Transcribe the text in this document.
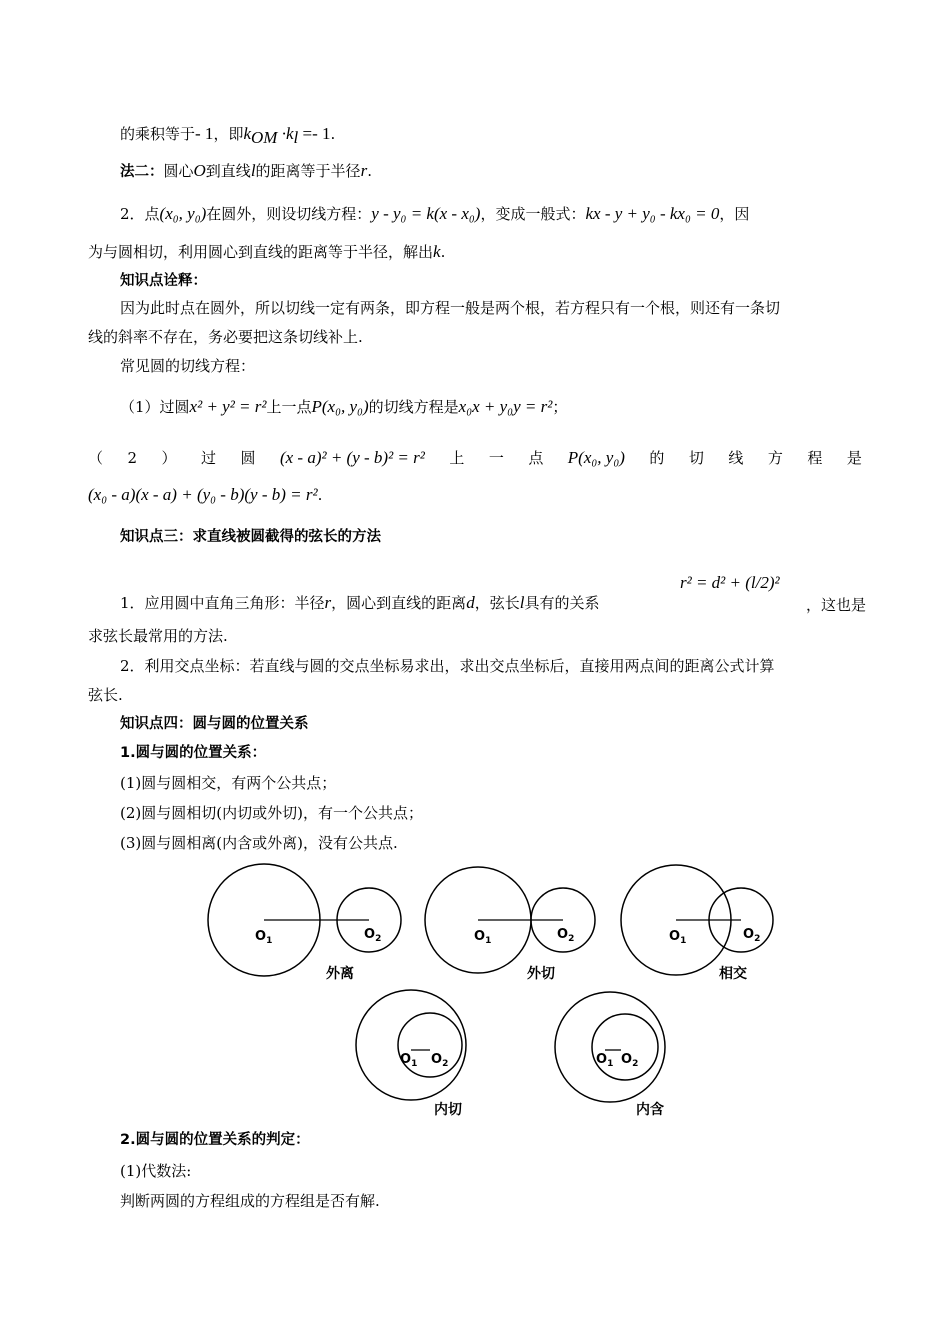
的乘积等于- 1，即$k_{OM} \cdot k_l =- 1$.
法二：圆心O到直线l的距离等于半径r.
2．点(x₀, y₀)在圆外，则设切线方程：y - y₀ = k(x - x₀)，变成一般式：kx - y + y₀ - kx₀ = 0，因
为与圆相切，利用圆心到直线的距离等于半径，解出k.
知识点诠释：
因为此时点在圆外，所以切线一定有两条，即方程一般是两个根，若方程只有一个根，则还有一条切
线的斜率不存在，务必要把这条切线补上.
常见圆的切线方程：
（1）过圆x² + y² = r²上一点P(x₀, y₀)的切线方程是x₀x + y₀y = r²；
（ 2 ） 过 圆 (x - a)² + (y - b)² = r² 上 一 点 P(x₀, y₀) 的 切 线 方 程 是
(x₀ - a)(x - a) + (y₀ - b)(y - b) = r².
知识点三：求直线被圆截得的弦长的方法
1．应用圆中直角三角形：半径r，圆心到直线的距离d，弦长l具有的关系
r² = d² + (l/2)²
，这也是
求弦长最常用的方法.
2．利用交点坐标：若直线与圆的交点坐标易求出，求出交点坐标后，直接用两点间的距离公式计算
弦长.
知识点四：圆与圆的位置关系
1.圆与圆的位置关系：
(1)圆与圆相交，有两个公共点；
(2)圆与圆相切(内切或外切)，有一个公共点；
(3)圆与圆相离(内含或外离)，没有公共点.
$O_1$	$O_2$	$O_1$	$O_2$	$O_1$	$O_2$
$O_1$ $O_2$	$O_1$ $O_2$
外离	外切	相交
内切	内含
2.圆与圆的位置关系的判定：
(1)代数法:
判断两圆的方程组成的方程组是否有解.
